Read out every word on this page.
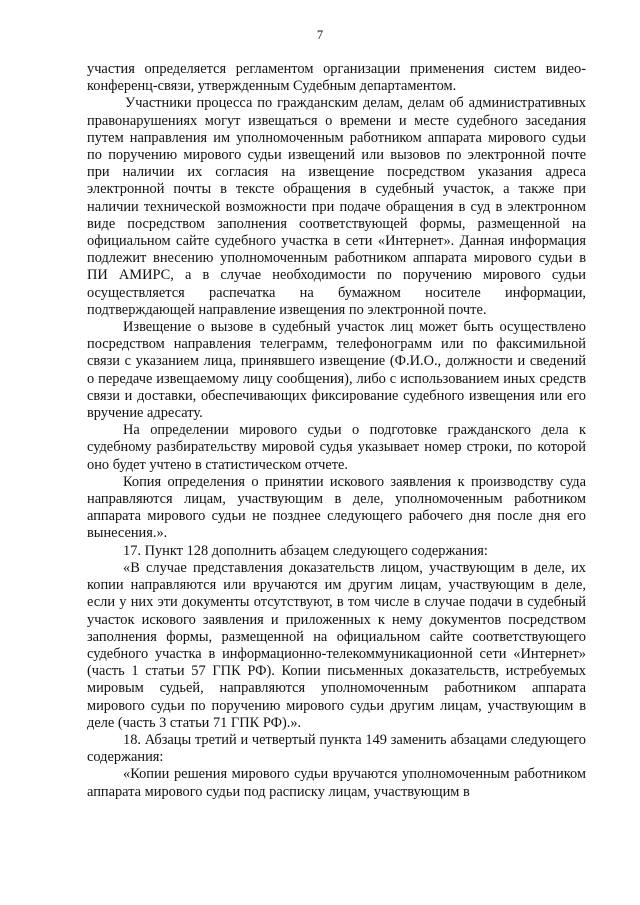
7

участия определяется регламентом организации применения систем видео-конференц-связи, утвержденным Судебным департаментом.

Участники процесса по гражданским делам, делам об административных правонарушениях могут извещаться о времени и месте судебного заседания путем направления им уполномоченным работником аппарата мирового судьи по поручению мирового судьи извещений или вызовов по электронной почте при наличии их согласия на извещение посредством указания адреса электронной почты в тексте обращения в судебный участок, а также при наличии технической возможности при подаче обращения в суд в электронном виде посредством заполнения соответствующей формы, размещенной на официальном сайте судебного участка в сети «Интернет». Данная информация подлежит внесению уполномоченным работником аппарата мирового судьи в ПИ АМИРС, а в случае необходимости по поручению мирового судьи осуществляется распечатка на бумажном носителе информации, подтверждающей направление извещения по электронной почте.

Извещение о вызове в судебный участок лиц может быть осуществлено посредством направления телеграмм, телефонограмм или по факсимильной связи с указанием лица, принявшего извещение (Ф.И.О., должности и сведений о передаче извещаемому лицу сообщения), либо с использованием иных средств связи и доставки, обеспечивающих фиксирование судебного извещения или его вручение адресату.

На определении мирового судьи о подготовке гражданского дела к судебному разбирательству мировой судья указывает номер строки, по которой оно будет учтено в статистическом отчете.

Копия определения о принятии искового заявления к производству суда направляются лицам, участвующим в деле, уполномоченным работником аппарата мирового судьи не позднее следующего рабочего дня после дня его вынесения.».

17. Пункт 128 дополнить абзацем следующего содержания:

«В случае представления доказательств лицом, участвующим в деле, их копии направляются или вручаются им другим лицам, участвующим в деле, если у них эти документы отсутствуют, в том числе в случае подачи в судебный участок искового заявления и приложенных к нему документов посредством заполнения формы, размещенной на официальном сайте соответствующего судебного участка в информационно-телекоммуникационной сети «Интернет» (часть 1 статьи 57 ГПК РФ). Копии письменных доказательств, истребуемых мировым судьей, направляются уполномоченным работником аппарата мирового судьи по поручению мирового судьи другим лицам, участвующим в деле (часть 3 статьи 71 ГПК РФ).».

18. Абзацы третий и четвертый пункта 149 заменить абзацами следующего содержания:

«Копии решения мирового судьи вручаются уполномоченным работником аппарата мирового судьи под расписку лицам, участвующим в
